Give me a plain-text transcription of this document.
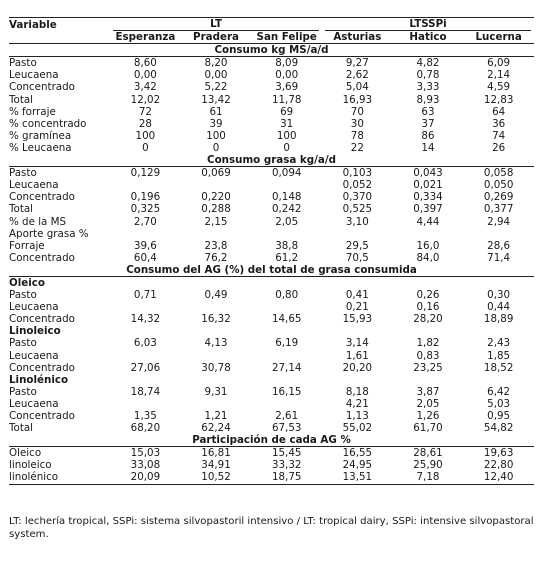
Variable	LT			LTSSPi		

	Esperanza	Pradera	San Felipe	Asturias	Hatico	Lucerna
Consumo kg MS/a/d						
Pasto	8,60	8,20	8,09	9,27	4,82	6,09
Leucaena	0,00	0,00	0,00	2,62	0,78	2,14
Concentrado	3,42	5,22	3,69	5,04	3,33	4,59
Total	12,02	13,42	11,78	16,93	8,93	12,83
% forraje	72	61	69	70	63	64
% concentrado	28	39	31	30	37	36
% gramínea	100	100	100	78	86	74
% Leucaena	0	0	0	22	14	26
Consumo grasa kg/a/d						
Pasto	0,129	0,069	0,094	0,103	0,043	0,058
Leucaena				0,052	0,021	0,050
Concentrado	0,196	0,220	0,148	0,370	0,334	0,269
Total	0,325	0,288	0,242	0,525	0,397	0,377
% de la MS	2,70	2,15	2,05	3,10	4,44	2,94
Aporte grasa %						
Forraje	39,6	23,8	38,8	29,5	16,0	28,6
Concentrado	60,4	76,2	61,2	70,5	84,0	71,4
Consumo del AG (%) del total de grasa consumida						
Oleico						
Pasto	0,71	0,49	0,80	0,41	0,26	0,30
Leucaena				0,21	0,16	0,44
Concentrado	14,32	16,32	14,65	15,93	28,20	18,89
Linoleico						
Pasto	6,03	4,13	6,19	3,14	1,82	2,43
Leucaena				1,61	0,83	1,85
Concentrado	27,06	30,78	27,14	20,20	23,25	18,52
Linolénico						
Pasto	18,74	9,31	16,15	8,18	3,87	6,42
Leucaena				4,21	2,05	5,03
Concentrado	1,35	1,21	2,61	1,13	1,26	0,95
Total	68,20	62,24	67,53	55,02	61,70	54,82
Participación de cada AG %						
Oleico	15,03	16,81	15,45	16,55	28,61	19,63
linoleico	33,08	34,91	33,32	24,95	25,90	22,80
linolénico	20,09	10,52	18,75	13,51	7,18	12,40
LT: lechería tropical, SSPi: sistema silvopastoril intensivo / LT: tropical dairy, SSPi: intensive silvopastoral system.
